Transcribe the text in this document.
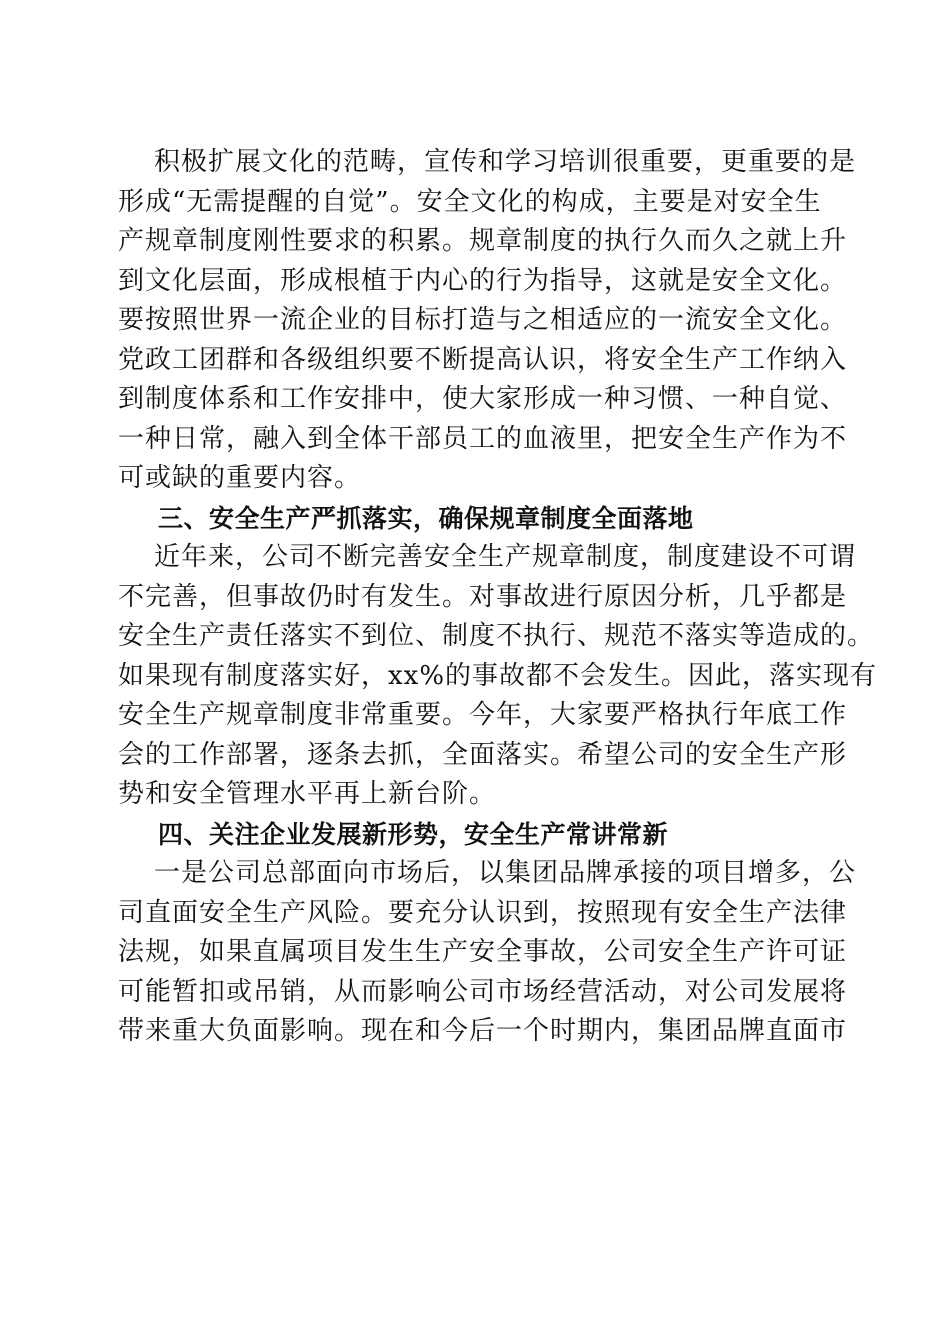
积极扩展文化的范畴，宣传和学习培训很重要，更重要的是
形成“无需提醒的自觉”。安全文化的构成，主要是对安全生
产规章制度刚性要求的积累。规章制度的执行久而久之就上升
到文化层面，形成根植于内心的行为指导，这就是安全文化。
要按照世界一流企业的目标打造与之相适应的一流安全文化。
党政工团群和各级组织要不断提高认识，将安全生产工作纳入
到制度体系和工作安排中，使大家形成一种习惯、一种自觉、
一种日常，融入到全体干部员工的血液里，把安全生产作为不
可或缺的重要内容。
三、安全生产严抓落实，确保规章制度全面落地
近年来，公司不断完善安全生产规章制度，制度建设不可谓
不完善，但事故仍时有发生。对事故进行原因分析，几乎都是
安全生产责任落实不到位、制度不执行、规范不落实等造成的。
如果现有制度落实好，xx%的事故都不会发生。因此，落实现有
安全生产规章制度非常重要。今年，大家要严格执行年底工作
会的工作部署，逐条去抓，全面落实。希望公司的安全生产形
势和安全管理水平再上新台阶。
四、关注企业发展新形势，安全生产常讲常新
一是公司总部面向市场后，以集团品牌承接的项目增多，公
司直面安全生产风险。要充分认识到，按照现有安全生产法律
法规，如果直属项目发生生产安全事故，公司安全生产许可证
可能暂扣或吊销，从而影响公司市场经营活动，对公司发展将
带来重大负面影响。现在和今后一个时期内，集团品牌直面市
